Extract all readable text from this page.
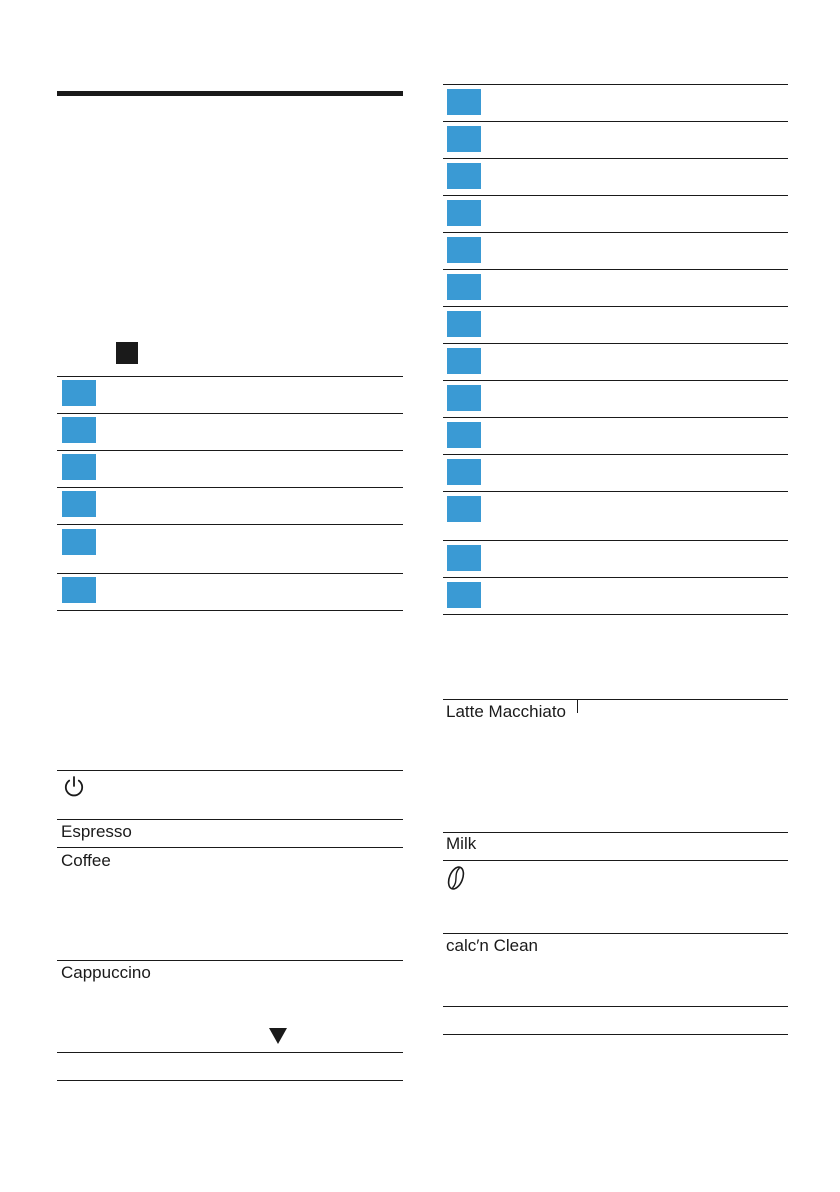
Espresso
Coffee
Cappuccino
Latte Macchiato
Milk
calc′n Clean
